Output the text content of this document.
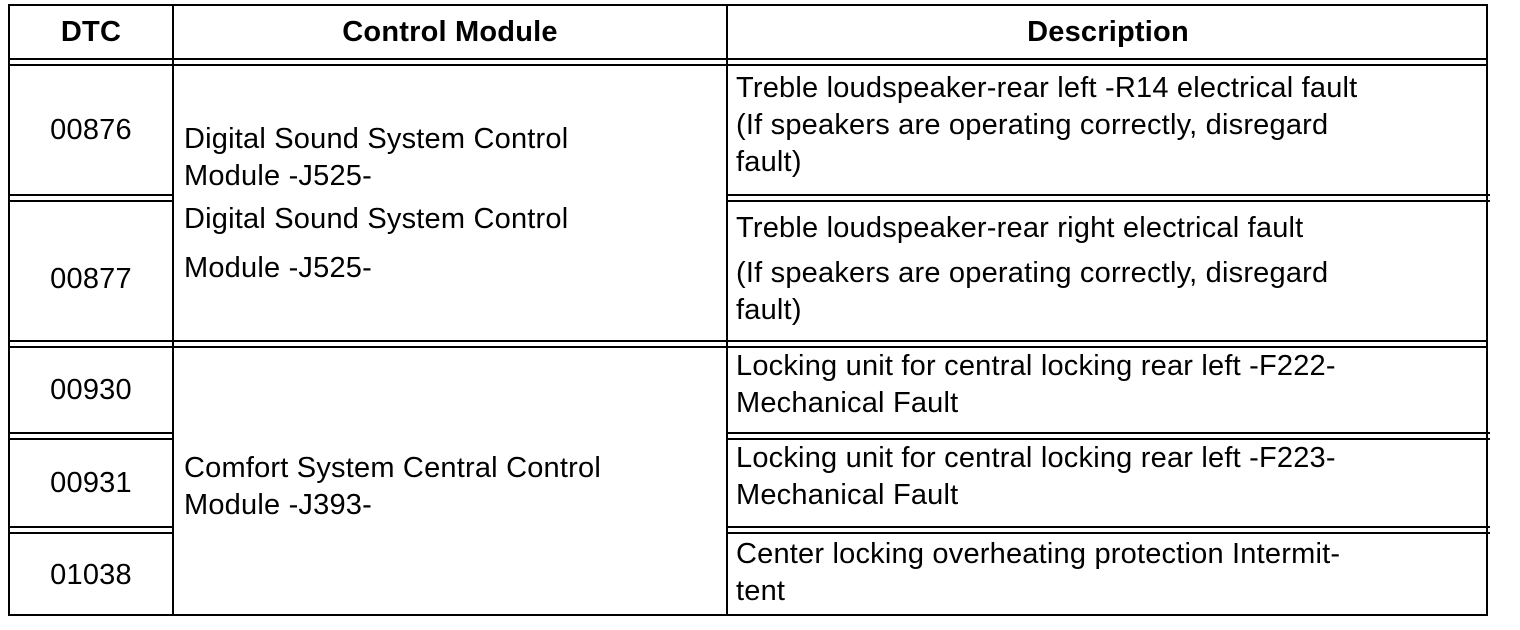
DTC	Control Module	Description
00876
00877
00930
00931
01038
Digital Sound System Control
Module -J525-
Digital Sound System Control
Module -J525-
Comfort System Central Control
Module -J393-
Treble loudspeaker-rear left -R14 electrical fault
(If speakers are operating correctly, disregard
fault)
Treble loudspeaker-rear right electrical fault
(If speakers are operating correctly, disregard
fault)
Locking unit for central locking rear left -F222-
Mechanical Fault
Locking unit for central locking rear left -F223-
Mechanical Fault
Center locking overheating protection Intermit-
tent
